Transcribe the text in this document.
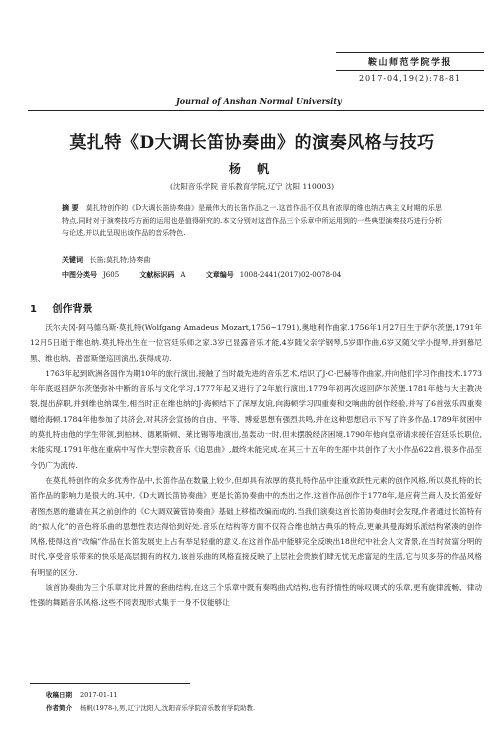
鞍山师范学院学报
2017-04,19(2):78-81
Journal of Anshan Normal University
莫扎特《D大调长笛协奏曲》的演奏风格与技巧
杨 帆
(沈阳音乐学院 音乐教育学院,辽宁 沈阳 110003)
摘 要 莫扎特创作的《D大调长笛协奏曲》是最伟大的长笛作品之一.这首作品不仅具有浓厚的维也纳古典主义时期的乐思特点,同时对于演奏技巧方面的运用也是值得研究的.本文分别对这首作品三个乐章中所运用到的一些典型演奏技巧进行分析与论述,并以此呈现出该作品的音乐特色.
关键词 长笛;莫扎特;协奏曲
中图分类号 J605	文献标识码 A	文章编号 1008-2441(2017)02-0078-04
1 创作背景

沃尔夫冈·阿马德乌斯·莫扎特(Wolfgang Amadeus Mozart,1756~1791),奥地利作曲家.1756年1月27日生于萨尔茨堡,1791年12月5日逝于维也纳.莫扎特出生在一位宫廷乐师之家.3岁已显露音乐才能,4岁随父亲学钢琴,5岁即作曲,6岁又随父学小提琴,并到慕尼黑、维也纳、普雷斯堡巡回演出,获得成功.

1763年起到欧洲各国作为期10年的旅行演出,接触了当时最先进的音乐艺术,结识了J·C·巴赫等作曲家,并向他们学习作曲技术.1773年年底返回萨尔茨堡弥补中断的音乐与文化学习,1777年起又进行了2年旅行演出,1779年初再次返回萨尔茨堡.1781年他与大主教决裂,提出辞职,并到维也纳谋生,相当时正在维也纳的J·海顿结下了深厚友谊,向海顿学习四重奏和交响曲的创作经验,并写了6首弦乐四重奏赠给海顿.1784年他参加了共济会,对其济会宣扬的自由、平等、博爱思想有强烈共鸣,并在这种思想启示下写了许多作品.1789年贫困中的莫扎特由他的学生带领,到柏林、德累斯顿、莱比锡等地演出,虽轰动一时,但未摆脱经济困境.1790年他向皇帝请求接任宫廷乐长职位,未能实现.1791年他在重病中写作大型宗教音乐《追思曲》,最终未能完成.在其三十五年的生涯中共创作了大小作品622首,很多作品至今仍广为流传.

在莫扎特创作的众多优秀作品中,长笛作品在数量上较少,但却具有浓厚的莫扎特作品中注重欢跃性元素的创作风格,所以莫扎特的长笛作品的影响力是很大的.其中,《D大调长笛协奏曲》更是长笛协奏曲中的杰出之作.这首作品创作于1778年,是应荷兰商人及长笛爱好者图杰恩的邀请在其之前创作的《C大调双簧管协奏曲》基础上移植改编而成的.当我们演奏这首长笛协奏曲时会发现,作者通过长笛特有的“拟人化”的音色将乐曲的思想性表达得恰到好处.音乐在结构等方面不仅符合维也纳古典乐的特点,更兼具曼海姆乐派结构紧凑的创作风格,使得这首“改编”作品在长笛发展史上占有举足轻重的意义.在这首作品中能够完全反映出18世纪中社会人文背景,在当时贫富分明的时代,享受音乐带来的快乐是高层拥有的权力,该首乐曲的风格直接反映了上层社会贵族们肆无忧无虑富足的生活,它与贝多芬的作品风格有明显的区分.

该首协奏曲为三个乐章对比并置的套曲结构,在这三个乐章中既有奏鸣曲式结构,也有抒情性的咏叹调式的乐章,更有旋律流畅、律动性强的舞蹈音乐风格.这些不同表现形式集于一身不仅能够让

收稿日期 2017-01-11
作者简介 杨帆(1978-),男,辽宁沈阳人,沈阳音乐学院音乐教育学院助教.
